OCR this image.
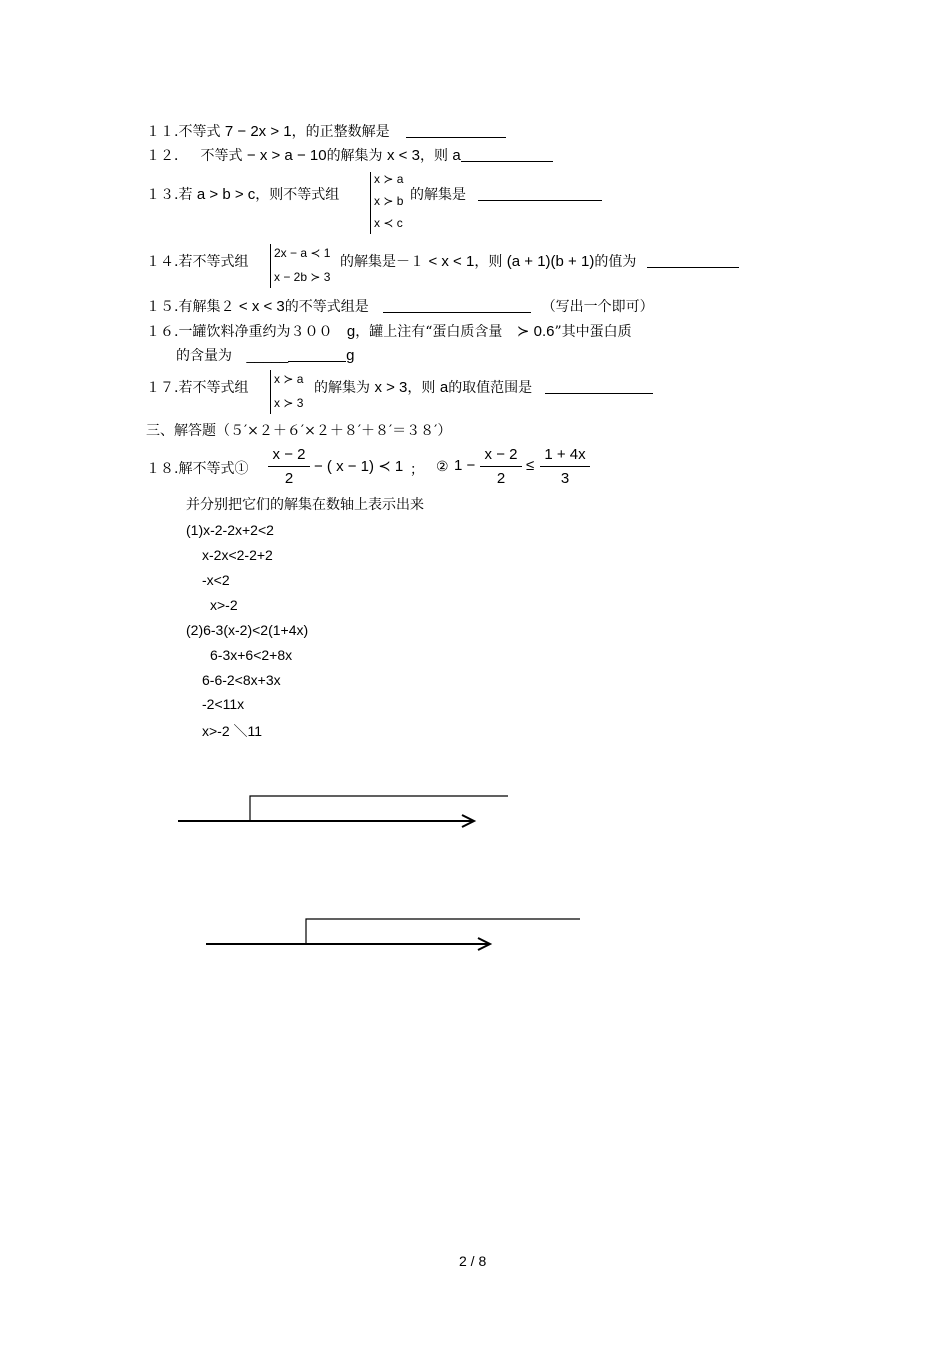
１１.不等式 7 − 2x > 1，的正整数解是
１２． 不等式 − x > a − 10的解集为 x < 3，则 a
１３.若 a > b > c，则不等式组
x ≻ a
x ≻ b
x ≺ c
的解集是
１４.若不等式组
2x − a ≺ 1
x − 2b ≻ 3
的解集是－１ < x < 1，则 (a + 1)(b + 1)的值为
１５.有解集２ < x < 3的不等式组是	（写出一个即可）
１６.一罐饮料净重约为３００ g，罐上注有“蛋白质含量 ≻ 0.6”其中蛋白质
的含量为 _____	g
１７.若不等式组
x ≻ a
x ≻ 3
的解集为 x > 3，则 a的取值范围是
三、解答题（５′×２＋６′×２＋８′＋８′＝３８′）
１８.解不等式①
x − 2
2
− ( x − 1) ≺ 1 ； ② 1 −
x − 2
2
≤
1 + 4x
3
并分别把它们的解集在数轴上表示出来
(1)x-2-2x+2<2
x-2x<2-2+2
-x<2
x>-2
(2)6-3(x-2)<2(1+4x)
6-3x+6<2+8x
6-6-2<8x+3x
-2<11x
x>-2 ＼11
2 / 8
